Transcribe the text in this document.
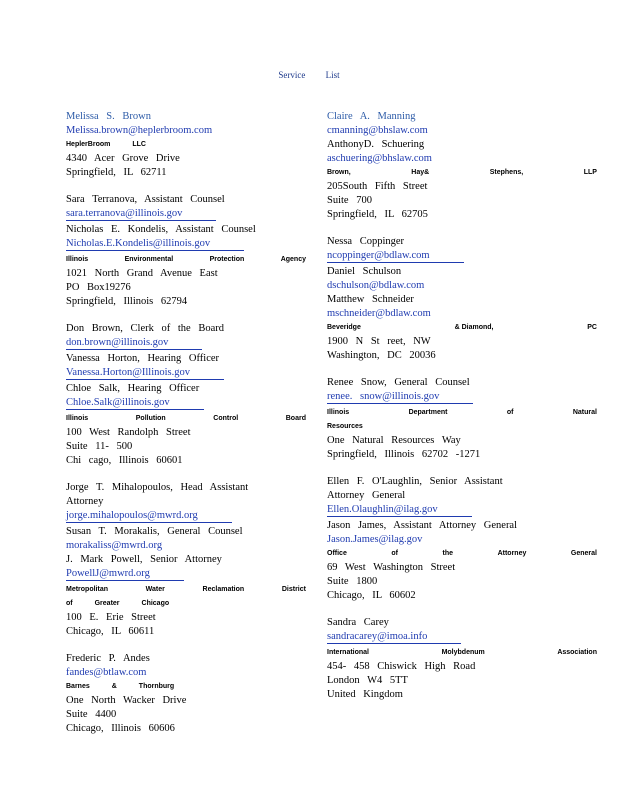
Service List
Melissa S. Brown
Melissa.brown@heplerbroom.com
HeplerBroom	LLC
4340 Acer Grove Drive
Springfield, IL 62711
Sara Terranova, Assistant Counsel
sara.terranova@illinois.gov
Nicholas E. Kondelis, Assistant Counsel
Nicholas.E.Kondelis@illinois.gov
Illinois	Environmental	Protection	Agency
1021 North Grand Avenue East
PO Box19276
Springfield, Illinois 62794
Don Brown, Clerk of the Board
don.brown@illinois.gov
Vanessa Horton, Hearing Officer
Vanessa.Horton@Illinois.gov
Chloe Salk, Hearing Officer
Chloe.Salk@illinois.gov
Illinois	Pollution	Control	Board
100 West Randolph Street
Suite 11- 500
Chi cago, Illinois 60601
Jorge T. Mihalopoulos, Head Assistant
Attorney
jorge.mihalopoulos@mwrd.org
Susan T. Morakalis, General Counsel
morakaliss@mwrd.org
J. Mark Powell, Senior Attorney
PowellJ@mwrd.org
Metropolitan	Water	Reclamation	District
of	Greater	Chicago
100 E. Erie Street
Chicago, IL 60611
Frederic P. Andes
fandes@btlaw.com
Barnes	&	Thornburg
One North Wacker Drive
Suite 4400
Chicago, Illinois 60606
Claire A. Manning
cmanning@bhslaw.com
AnthonyD. Schuering
aschuering@bhslaw.com
Brown,	Hay&	Stephens,	LLP
205South Fifth Street
Suite 700
Springfield, IL 62705
Nessa Coppinger
ncoppinger@bdlaw.com
Daniel Schulson
dschulson@bdlaw.com
Matthew Schneider
mschneider@bdlaw.com
Beveridge	& Diamond,	PC
1900 N St reet, NW
Washington, DC 20036
Renee Snow, General Counsel
renee. snow@illinois.gov
Illinois	Department	of	Natural
Resources
One Natural Resources Way
Springfield, Illinois 62702 -1271
Ellen F. O'Laughlin, Senior Assistant
Attorney General
Ellen.Olaughlin@ilag.gov
Jason James, Assistant Attorney General
Jason.James@ilag.gov
Office	of	the	Attorney	General
69 West Washington Street
Suite 1800
Chicago, IL 60602
Sandra Carey
sandracarey@imoa.info
International	Molybdenum	Association
454- 458 Chiswick High Road
London W4 5TT
United Kingdom
